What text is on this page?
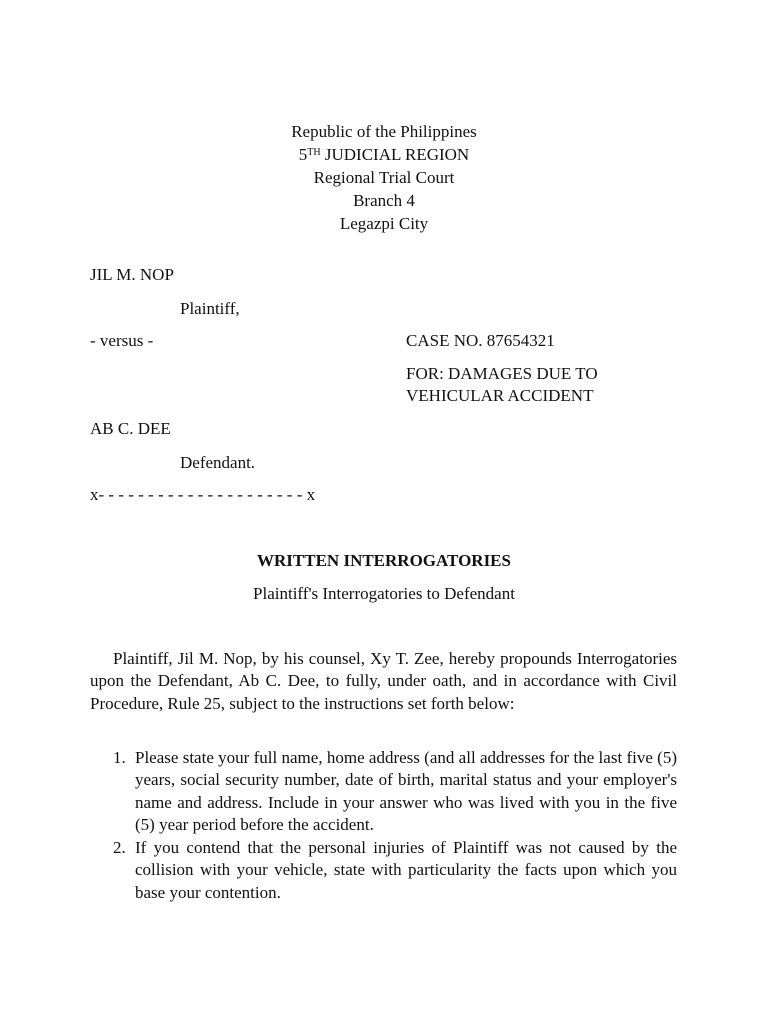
Republic of the Philippines
5TH JUDICIAL REGION
Regional Trial Court
Branch 4
Legazpi City
JIL M. NOP
Plaintiff,
- versus -	CASE NO. 87654321
FOR: DAMAGES DUE TO
VEHICULAR ACCIDENT
AB C. DEE
Defendant.
x- - - - - - - - - - - - - - - - - - - - - x
WRITTEN INTERROGATORIES
Plaintiff's Interrogatories to Defendant
Plaintiff, Jil M. Nop, by his counsel, Xy T. Zee, hereby propounds Interrogatories upon the Defendant, Ab C. Dee, to fully, under oath, and in accordance with Civil Procedure, Rule 25, subject to the instructions set forth below:
1. Please state your full name, home address (and all addresses for the last five (5) years, social security number, date of birth, marital status and your employer's name and address. Include in your answer who was lived with you in the five (5) year period before the accident.
2. If you contend that the personal injuries of Plaintiff was not caused by the collision with your vehicle, state with particularity the facts upon which you base your contention.
